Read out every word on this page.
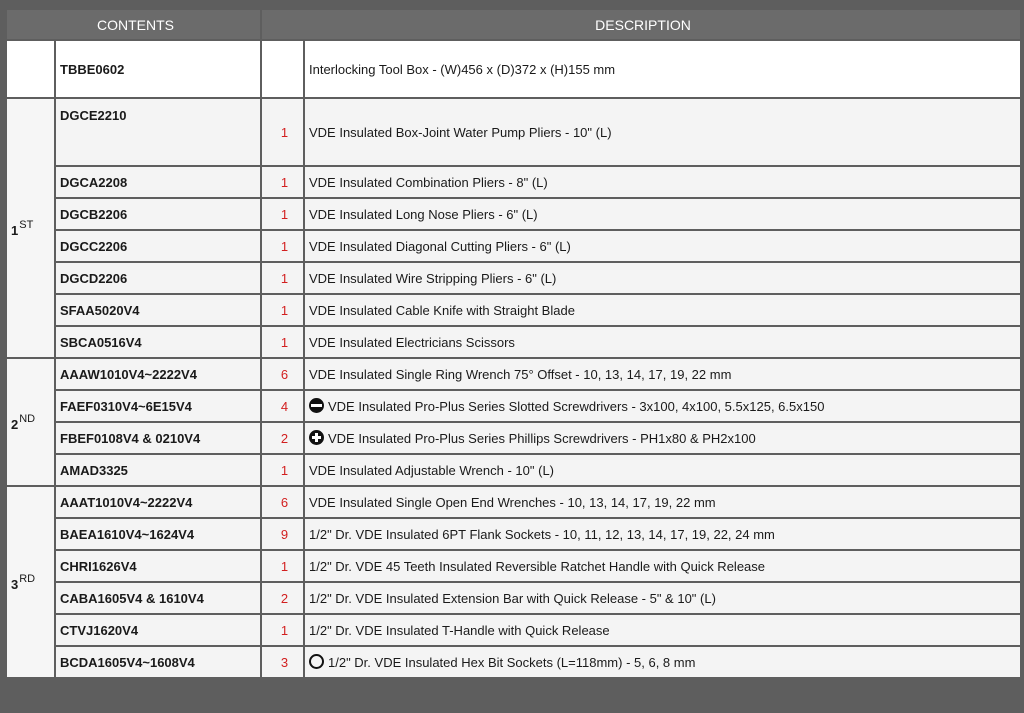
CONTENTS		DESCRIPTION	
	TBBE0602		Interlocking Tool Box - (W)456 x (D)372 x (H)155 mm
1ST	DGCE2210	1	VDE Insulated Box-Joint Water Pump Pliers - 10" (L)
	DGCA2208	1	VDE Insulated Combination Pliers - 8" (L)
	DGCB2206	1	VDE Insulated Long Nose Pliers - 6" (L)
	DGCC2206	1	VDE Insulated Diagonal Cutting Pliers - 6" (L)
	DGCD2206	1	VDE Insulated Wire Stripping Pliers - 6" (L)
	SFAA5020V4	1	VDE Insulated Cable Knife with Straight Blade
	SBCA0516V4	1	VDE Insulated Electricians Scissors
2ND	AAAW1010V4~2222V4	6	VDE Insulated Single Ring Wrench 75° Offset - 10, 13, 14, 17, 19, 22 mm
	FAEF0310V4~6E15V4	4	VDE Insulated Pro-Plus Series Slotted Screwdrivers - 3x100, 4x100, 5.5x125, 6.5x150
	FBEF0108V4 & 0210V4	2	VDE Insulated Pro-Plus Series Phillips Screwdrivers - PH1x80 & PH2x100
	AMAD3325	1	VDE Insulated Adjustable Wrench - 10" (L)
3RD	AAAT1010V4~2222V4	6	VDE Insulated Single Open End Wrenches - 10, 13, 14, 17, 19, 22 mm
	BAEA1610V4~1624V4	9	1/2" Dr. VDE Insulated 6PT Flank Sockets - 10, 11, 12, 13, 14, 17, 19, 22, 24 mm
	CHRI1626V4	1	1/2" Dr. VDE 45 Teeth Insulated Reversible Ratchet Handle with Quick Release
	CABA1605V4 & 1610V4	2	1/2" Dr. VDE Insulated Extension Bar with Quick Release - 5" & 10" (L)
	CTVJ1620V4	1	1/2" Dr. VDE Insulated T-Handle with Quick Release
	BCDA1605V4~1608V4	3	1/2" Dr. VDE Insulated Hex Bit Sockets (L=118mm) - 5, 6, 8 mm
